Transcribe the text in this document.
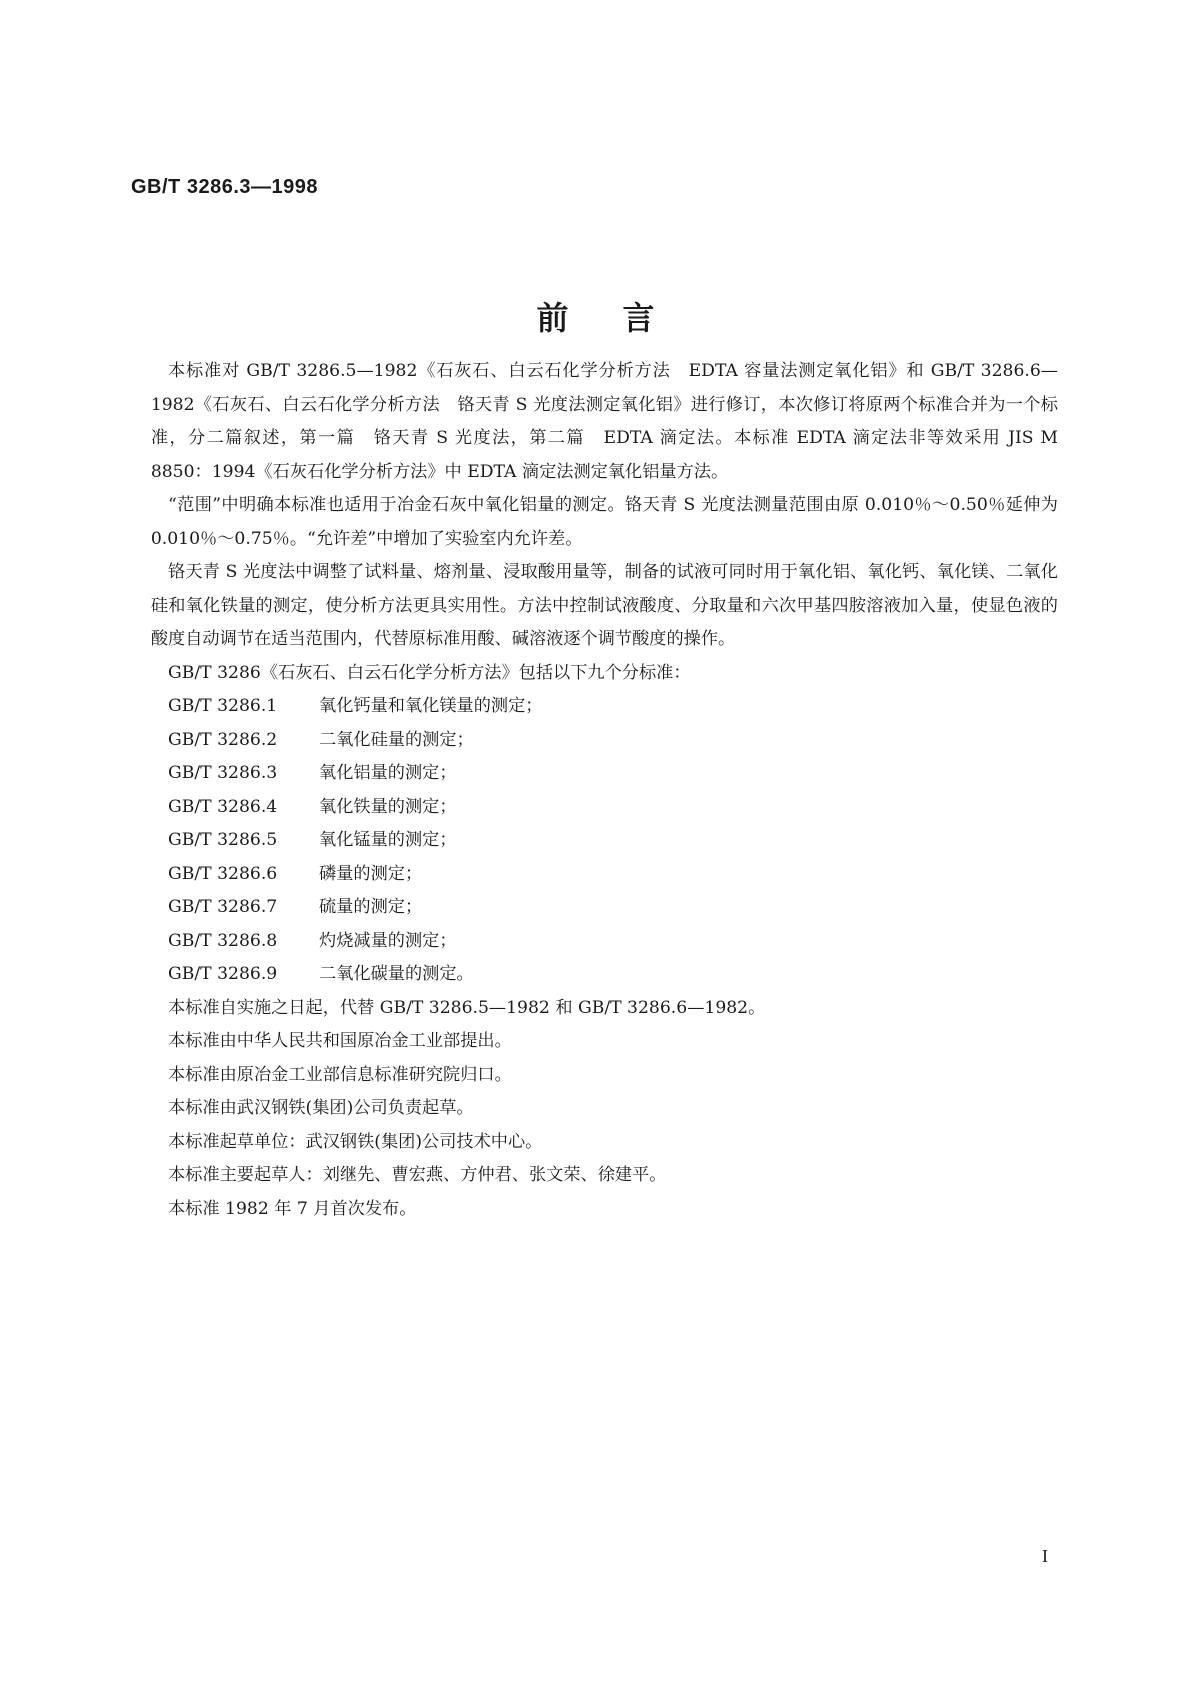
GB/T 3286.3—1998
前言

本标准对 GB/T 3286.5—1982《石灰石、白云石化学分析方法　EDTA 容量法测定氧化铝》和 GB/T 3286.6—1982《石灰石、白云石化学分析方法　铬天青 S 光度法测定氧化铝》进行修订，本次修订将原两个标准合并为一个标准，分二篇叙述，第一篇　铬天青 S 光度法，第二篇　EDTA 滴定法。本标准 EDTA 滴定法非等效采用 JIS M 8850：1994《石灰石化学分析方法》中 EDTA 滴定法测定氧化铝量方法。

“范围”中明确本标准也适用于冶金石灰中氧化铝量的测定。铬天青 S 光度法测量范围由原 0.010％～0.50％延伸为 0.010％～0.75％。“允许差”中增加了实验室内允许差。

铬天青 S 光度法中调整了试料量、熔剂量、浸取酸用量等，制备的试液可同时用于氧化铝、氧化钙、氧化镁、二氧化硅和氧化铁量的测定，使分析方法更具实用性。方法中控制试液酸度、分取量和六次甲基四胺溶液加入量，使显色液的酸度自动调节在适当范围内，代替原标准用酸、碱溶液逐个调节酸度的操作。

GB/T 3286《石灰石、白云石化学分析方法》包括以下九个分标准：

GB/T 3286.1	氧化钙量和氧化镁量的测定；
GB/T 3286.2	二氧化硅量的测定；
GB/T 3286.3	氧化铝量的测定；
GB/T 3286.4	氧化铁量的测定；
GB/T 3286.5	氧化锰量的测定；
GB/T 3286.6	磷量的测定；
GB/T 3286.7	硫量的测定；
GB/T 3286.8	灼烧减量的测定；
GB/T 3286.9	二氧化碳量的测定。

本标准自实施之日起，代替 GB/T 3286.5—1982 和 GB/T 3286.6—1982。

本标准由中华人民共和国原冶金工业部提出。

本标准由原冶金工业部信息标准研究院归口。

本标准由武汉钢铁(集团)公司负责起草。

本标准起草单位：武汉钢铁(集团)公司技术中心。

本标准主要起草人：刘继先、曹宏燕、方仲君、张文荣、徐建平。

本标准 1982 年 7 月首次发布。

I
